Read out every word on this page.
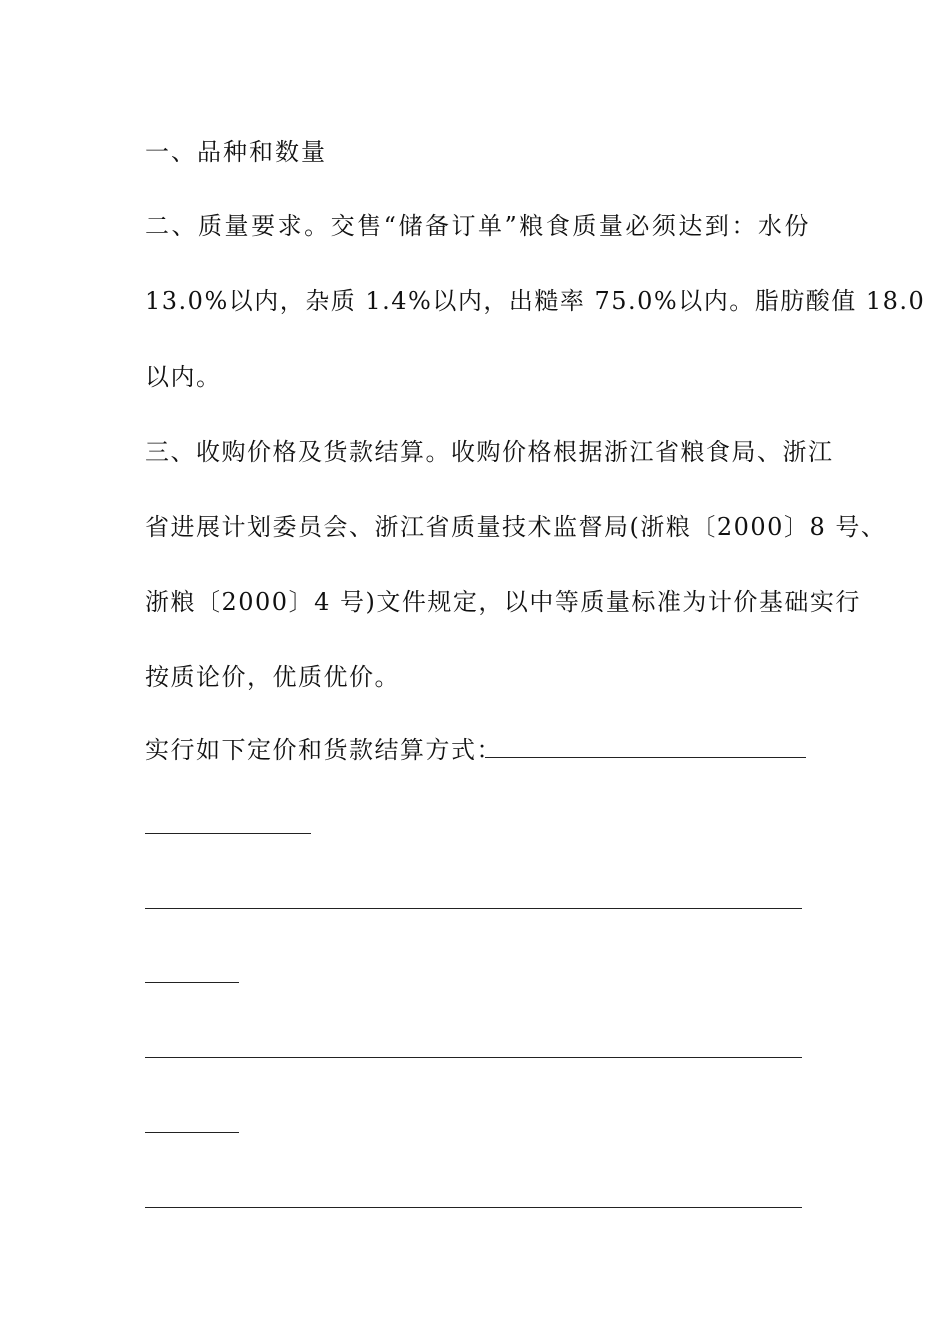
一、品种和数量
二、质量要求。交售“储备订单”粮食质量必须达到：水份
13.0%以内，杂质 1.4%以内，出糙率 75.0%以内。脂肪酸值 18.0
以内。
三、收购价格及货款结算。收购价格根据浙江省粮食局、浙江
省进展计划委员会、浙江省质量技术监督局(浙粮〔2000〕8 号、
浙粮〔2000〕4 号)文件规定，以中等质量标准为计价基础实行
按质论价，优质优价。
实行如下定价和货款结算方式：
